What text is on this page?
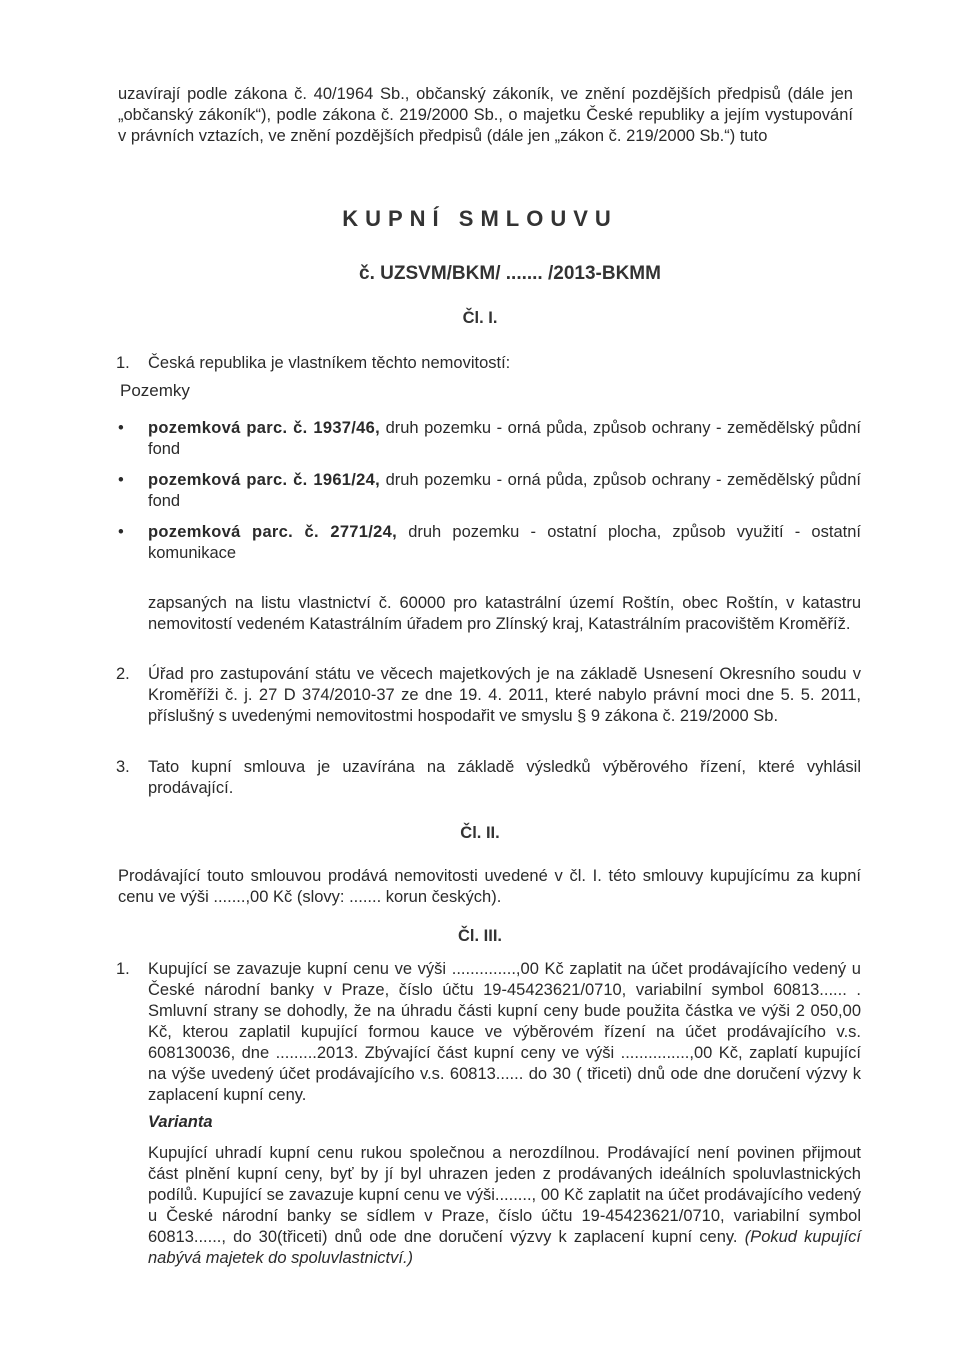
uzavírají podle zákona č. 40/1964 Sb., občanský zákoník, ve znění pozdějších předpisů (dále jen „občanský zákoník“), podle zákona č. 219/2000 Sb., o majetku České republiky a jejím vystupování v právních vztazích, ve znění pozdějších předpisů (dále jen „zákon č. 219/2000 Sb.“) tuto
KUPNÍ SMLOUVU
č. UZSVM/BKM/ ....... /2013-BKMM
Čl. I.
1. Česká republika je vlastníkem těchto nemovitostí:
Pozemky
• pozemková parc. č. 1937/46, druh pozemku - orná půda, způsob ochrany - zemědělský půdní fond
• pozemková parc. č. 1961/24, druh pozemku - orná půda, způsob ochrany - zemědělský půdní fond
• pozemková parc. č. 2771/24, druh pozemku - ostatní plocha, způsob využití - ostatní komunikace
zapsaných na listu vlastnictví č. 60000 pro katastrální území Roštín, obec Roštín, v katastru nemovitostí vedeném Katastrálním úřadem pro Zlínský kraj, Katastrálním pracovištěm Kroměříž.
2. Úřad pro zastupování státu ve věcech majetkových je na základě Usnesení Okresního soudu v Kroměříži č. j. 27 D 374/2010-37 ze dne 19. 4. 2011, které nabylo právní moci dne 5. 5. 2011, příslušný s uvedenými nemovitostmi hospodařit ve smyslu § 9 zákona č. 219/2000 Sb.
3. Tato kupní smlouva je uzavírána na základě výsledků výběrového řízení, které vyhlásil prodávající.
Čl. II.
Prodávající touto smlouvou prodává nemovitosti uvedené v čl. I. této smlouvy kupujícímu za kupní cenu ve výši .......,00 Kč (slovy: ....... korun českých).
Čl. III.
1. Kupující se zavazuje kupní cenu ve výši ..............,00 Kč zaplatit na účet prodávajícího vedený u České národní banky v Praze, číslo účtu 19-45423621/0710, variabilní symbol 60813...... . Smluvní strany se dohodly, že na úhradu části kupní ceny bude použita částka ve výši 2 050,00 Kč, kterou zaplatil kupující formou kauce ve výběrovém řízení na účet prodávajícího v.s. 608130036, dne .........2013. Zbývající část kupní ceny ve výši ...............,00 Kč, zaplatí kupující na výše uvedený účet prodávajícího v.s. 60813...... do 30 ( třiceti) dnů ode dne doručení výzvy k zaplacení kupní ceny.
Varianta
Kupující uhradí kupní cenu rukou společnou a nerozdílnou. Prodávající není povinen přijmout část plnění kupní ceny, byť by jí byl uhrazen jeden z prodávaných ideálních spoluvlastnických podílů. Kupující se zavazuje kupní cenu ve výši........, 00 Kč zaplatit na účet prodávajícího vedený u České národní banky se sídlem v Praze, číslo účtu 19-45423621/0710, variabilní symbol 60813......, do 30(třiceti) dnů ode dne doručení výzvy k zaplacení kupní ceny. (Pokud kupující nabývá majetek do spoluvlastnictví.)
